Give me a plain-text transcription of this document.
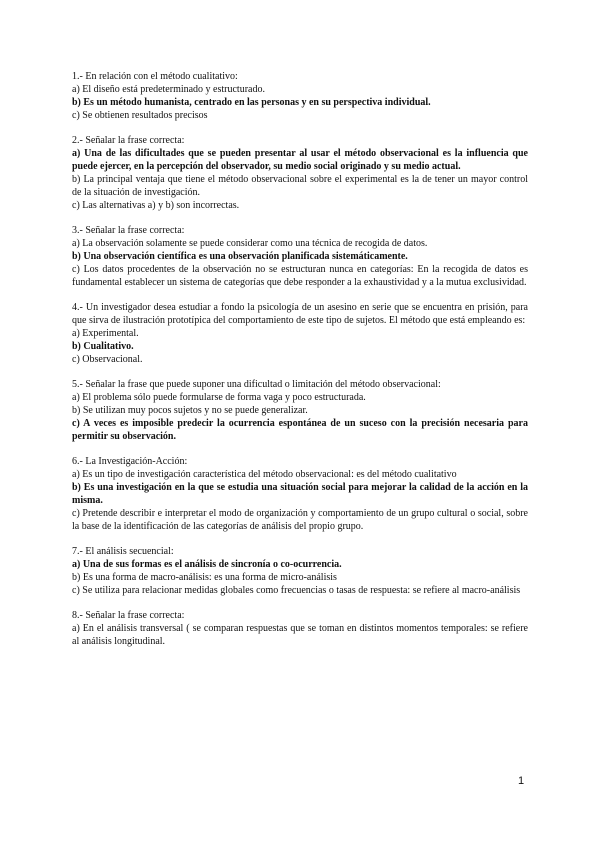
1.- En relación con el método cualitativo:

a) El diseño está predeterminado y estructurado.

b) Es un método humanista, centrado en las personas y en su perspectiva individual.

c) Se obtienen resultados precisos

2.- Señalar la frase correcta:

a) Una de las dificultades que se pueden presentar al usar el método observacional es la influencia que puede ejercer, en la percepción del observador, su medio social originado y su medio actual.

b) La principal ventaja que tiene el método observacional sobre el experimental es la de tener un mayor control de la situación de investigación.

c) Las alternativas a) y b) son incorrectas.

3.- Señalar la frase correcta:

a) La observación solamente se puede considerar como una técnica de recogida de datos.

b) Una observación científica es una observación planificada sistemáticamente.

c) Los datos procedentes de la observación no se estructuran nunca en categorías: En la recogida de datos es fundamental establecer un sistema de categorías que debe responder a la exhaustividad y a la mutua exclusividad.

4.- Un investigador desea estudiar a fondo la psicología de un asesino en serie que se encuentra en prisión, para que sirva de ilustración prototípica del comportamiento de este tipo de sujetos. El método que está empleando es:

a) Experimental.

b) Cualitativo.

c) Observacional.

5.- Señalar la frase que puede suponer una dificultad o limitación del método observacional:

a) El problema sólo puede formularse de forma vaga y poco estructurada.

b) Se utilizan muy pocos sujetos y no se puede generalizar.

c) A veces es imposible predecir la ocurrencia espontánea de un suceso con la precisión necesaria para permitir su observación.

6.- La Investigación-Acción:

a) Es un tipo de investigación característica del método observacional: es del método cualitativo

b) Es una investigación en la que se estudia una situación social para mejorar la calidad de la acción en la misma.

c) Pretende describir e interpretar el modo de organización y comportamiento de un grupo cultural o social, sobre la base de la identificación de las categorías de análisis del propio grupo.

7.- El análisis secuencial:

a) Una de sus formas es el análisis de sincronía o co-ocurrencia.

b) Es una forma de macro-análisis: es una forma de micro-análisis

c) Se utiliza para relacionar medidas globales como frecuencias o tasas de respuesta: se refiere al macro-análisis

8.- Señalar la frase correcta:

a) En el análisis transversal ( se comparan respuestas que se toman en distintos momentos temporales: se refiere al análisis longitudinal.

1
